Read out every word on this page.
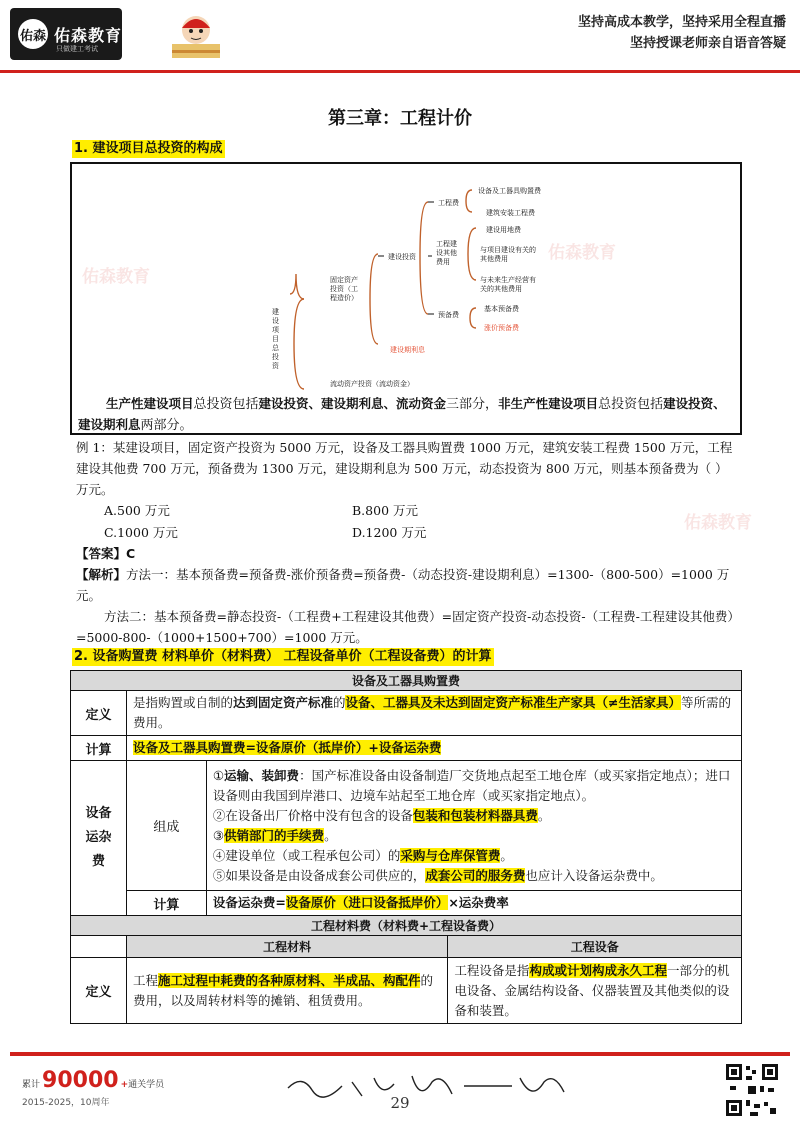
佑森 佑森教育
只做建工考试
坚持高成本教学，坚持采用全程直播
坚持授课老师亲自语音答疑
佑森教育
佑森教育
佑森教育
第三章：工程计价
1. 建设项目总投资的构成
建设项目总投资
固定资产投资（工程造价）
流动资产投资（流动资金）
建设投资
建设期利息
工程费
工程建设其他费用
预备费
设备及工器具购置费
建筑安装工程费
建设用地费
与项目建设有关的其他费用
与未来生产经营有关的其他费用
基本预备费
涨价预备费
生产性建设项目总投资包括建设投资、建设期利息、流动资金三部分，非生产性建设项目总投资包括建设投资、建设期利息两部分。
例 1：某建设项目，固定资产投资为 5000 万元，设备及工器具购置费 1000 万元，建筑安装工程费 1500 万元，工程建设其他费 700 万元，预备费为 1300 万元，建设期利息为 500 万元，动态投资为 800 万元，则基本预备费为（ ）万元。
A.500 万元	B.800 万元
C.1000 万元	D.1200 万元
【答案】C
【解析】方法一：基本预备费=预备费-涨价预备费=预备费-（动态投资-建设期利息）=1300-（800-500）=1000 万元。
方法二：基本预备费=静态投资-（工程费+工程建设其他费）=固定资产投资-动态投资-（工程费-工程建设其他费）=5000-800-（1000+1500+700）=1000 万元。
2. 设备购置费 材料单价（材料费） 工程设备单价（工程设备费）的计算
设备及工器具购置费			
定义	是指购置或自制的达到固定资产标准的设备、工器具及未达到固定资产标准生产家具（≠生活家具）等所需的费用。		
计算	设备及工器具购置费=设备原价（抵岸价）+设备运杂费		

设备运杂费	组成	①运输、装卸费：国产标准设备由设备制造厂交货地点起至工地仓库（或买家指定地点）；进口设备则由我国到岸港口、边境车站起至工地仓库（或买家指定地点）。
②在设备出厂价格中没有包含的设备包装和包装材料器具费。
③供销部门的手续费。
④建设单位（或工程承包公司）的采购与仓库保管费。
⑤如果设备是由设备成套公司供应的，成套公司的服务费也应计入设备运杂费中。	

	计算	设备运杂费=设备原价（进口设备抵岸价）×运杂费率	
工程材料费（材料费+工程设备费）			
	工程材料		工程设备
定义	工程施工过程中耗费的各种原材料、半成品、构配件的费用，以及周转材料等的摊销、租赁费用。		工程设备是指构成或计划构成永久工程一部分的机电设备、金属结构设备、仪器装置及其他类似的设备和装置。
累计90000 +通关学员
2015-2025，10周年	29
